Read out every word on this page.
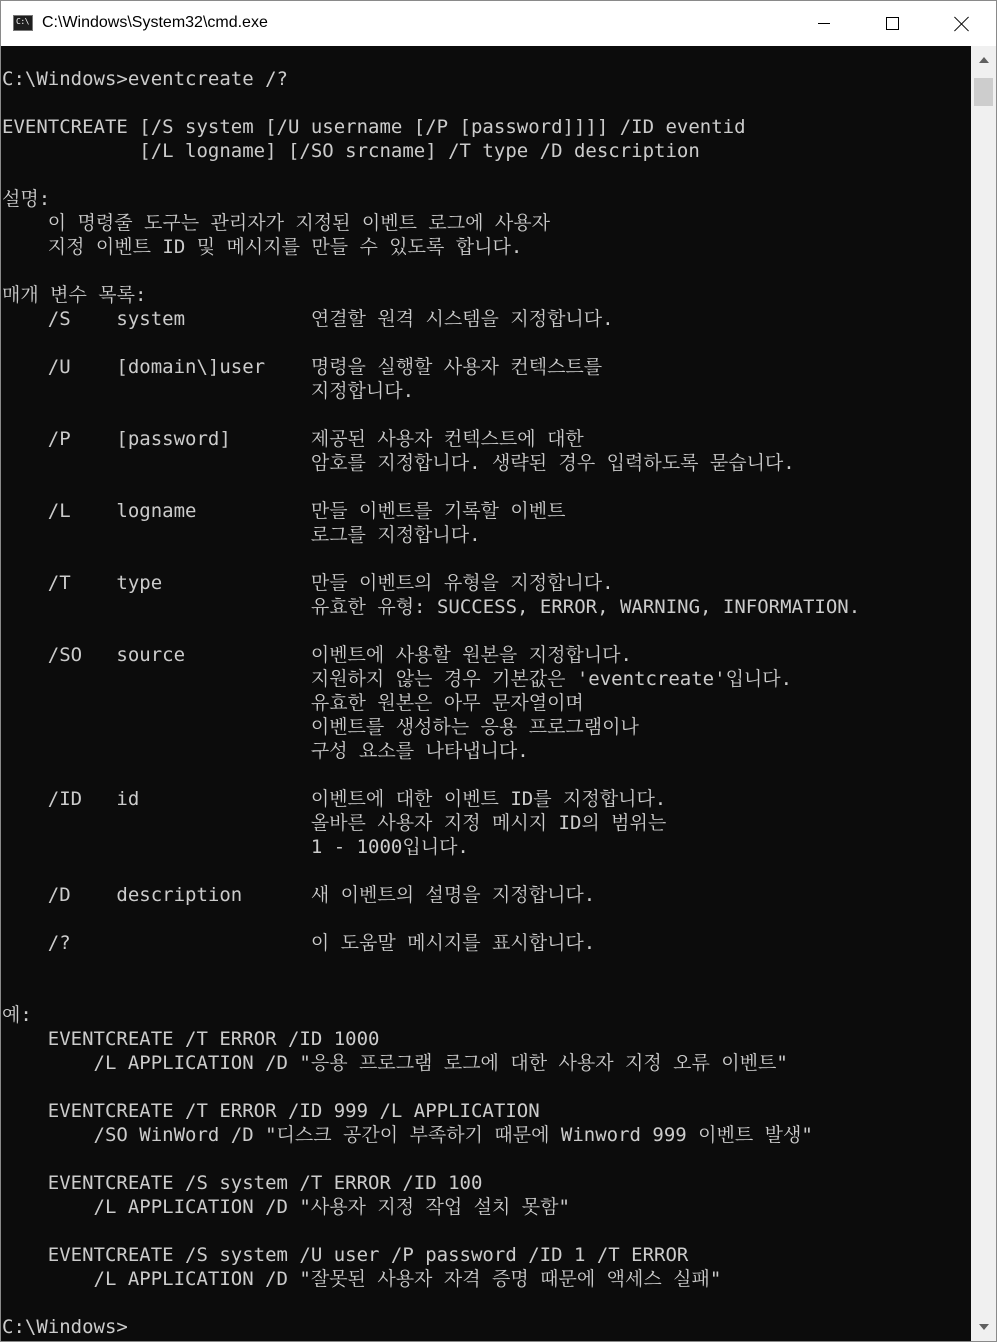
C:\ C:\Windows\System32\cmd.exe
C:\Windows>eventcreate /?

EVENTCREATE [/S system [/U username [/P [password]]]] /ID eventid
[/L logname] [/SO srcname] /T type /D description

설명:
이 명령줄 도구는 관리자가 지정된 이벤트 로그에 사용자
지정 이벤트 ID 및 메시지를 만들 수 있도록 합니다.

매개 변수 목록:
/S    system           연결할 원격 시스템을 지정합니다.

/U    [domain\]user    명령을 실행할 사용자 컨텍스트를
지정합니다.

/P    [password]       제공된 사용자 컨텍스트에 대한
암호를 지정합니다. 생략된 경우 입력하도록 묻습니다.

/L    logname          만들 이벤트를 기록할 이벤트
로그를 지정합니다.

/T    type             만들 이벤트의 유형을 지정합니다.
유효한 유형: SUCCESS, ERROR, WARNING, INFORMATION.

/SO   source           이벤트에 사용할 원본을 지정합니다.
지원하지 않는 경우 기본값은 'eventcreate'입니다.
유효한 원본은 아무 문자열이며
이벤트를 생성하는 응용 프로그램이나
구성 요소를 나타냅니다.

/ID   id               이벤트에 대한 이벤트 ID를 지정합니다.
올바른 사용자 지정 메시지 ID의 범위는
1 - 1000입니다.

/D    description      새 이벤트의 설명을 지정합니다.

/?                     이 도움말 메시지를 표시합니다.

예:
EVENTCREATE /T ERROR /ID 1000
/L APPLICATION /D "응용 프로그램 로그에 대한 사용자 지정 오류 이벤트"

EVENTCREATE /T ERROR /ID 999 /L APPLICATION
/SO WinWord /D "디스크 공간이 부족하기 때문에 Winword 999 이벤트 발생"

EVENTCREATE /S system /T ERROR /ID 100
/L APPLICATION /D "사용자 지정 작업 설치 못함"

EVENTCREATE /S system /U user /P password /ID 1 /T ERROR
/L APPLICATION /D "잘못된 사용자 자격 증명 때문에 액세스 실패"

C:\Windows>
